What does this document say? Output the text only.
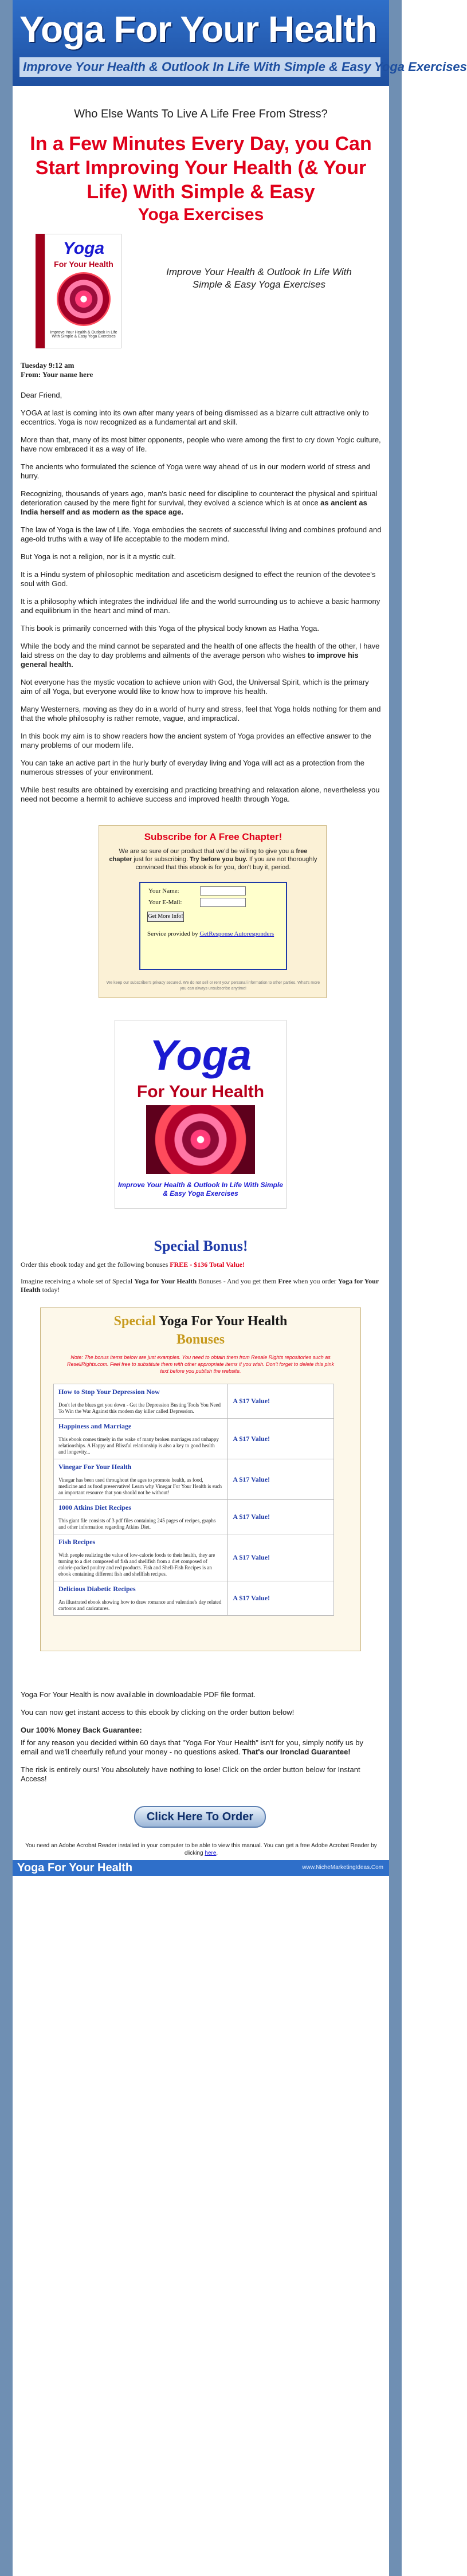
Yoga For Your Health
Improve Your Health & Outlook In Life With Simple & Easy Yoga Exercises
Who Else Wants To Live A Life Free From Stress?
In a Few Minutes Every Day, you Can Start Improving Your Health (& Your Life) With Simple & Easy
Yoga Exercises
Yoga
For Your Health
Improve Your Health & Outlook In Life With Simple & Easy Yoga Exercises
Improve Your Health & Outlook In Life With Simple & Easy Yoga Exercises
Tuesday 9:12 am
From: Your name here

Dear Friend,

YOGA at last is coming into its own after many years of being dismissed as a bizarre cult attractive only to eccentrics. Yoga is now recognized as a fundamental art and skill.

More than that, many of its most bitter opponents, people who were among the first to cry down Yogic culture, have now embraced it as a way of life.

The ancients who formulated the science of Yoga were way ahead of us in our modern world of stress and hurry.

Recognizing, thousands of years ago, man's basic need for discipline to counteract the physical and spiritual deterioration caused by the mere fight for survival, they evolved a science which is at once as ancient as India herself and as modern as the space age.

The law of Yoga is the law of Life. Yoga embodies the secrets of successful living and combines profound and age-old truths with a way of life acceptable to the modern mind.

But Yoga is not a religion, nor is it a mystic cult.

It is a Hindu system of philosophic meditation and asceticism designed to effect the reunion of the devotee's soul with God.

It is a philosophy which integrates the individual life and the world surrounding us to achieve a basic harmony and equilibrium in the heart and mind of man.

This book is primarily concerned with this Yoga of the physical body known as Hatha Yoga.

While the body and the mind cannot be separated and the health of one affects the health of the other, I have laid stress on the day to day problems and ailments of the average person who wishes to improve his general health.

Not everyone has the mystic vocation to achieve union with God, the Universal Spirit, which is the primary aim of all Yoga, but everyone would like to know how to improve his health.

Many Westerners, moving as they do in a world of hurry and stress, feel that Yoga holds nothing for them and that the whole philosophy is rather remote, vague, and impractical.

In this book my aim is to show readers how the ancient system of Yoga provides an effective answer to the many problems of our modern life.

You can take an active part in the hurly burly of everyday living and Yoga will act as a protection from the numerous stresses of your environment.

While best results are obtained by exercising and practicing breathing and relaxation alone, nevertheless you need not become a hermit to achieve success and improved health through Yoga.

Subscribe for A Free Chapter!
We are so sure of our product that we'd be willing to give you a free chapter just for subscribing. Try before you buy. If you are not thoroughly convinced that this ebook is for you, don't buy it, period.
Your Name:
Your E-Mail:
Get More Info!
Service provided by GetResponse Autoresponders
We keep our subscriber's privacy secured. We do not sell or rent your personal information to other parties. What's more you can always unsubscribe anytime!
Yoga
For Your Health
Improve Your Health & Outlook In Life With Simple & Easy Yoga Exercises
Special Bonus!
Order this ebook today and get the following bonuses FREE - $136 Total Value!
Imagine receiving a whole set of Special Yoga for Your Health Bonuses - And you get them Free when you order Yoga for Your Health today!
Special Yoga For Your Health
Bonuses
Note: The bonus items below are just examples. You need to obtain them from Resale Rights repositories such as ResellRights.com. Feel free to substitute them with other appropriate items if you wish. Don't forget to delete this pink text before you publish the website.
How to Stop Your Depression Now
Don't let the blues get you down - Get the Depression Busting Tools You Need To Win the War Against this modern day killer called Depression.	A $17 Value!

Happiness and Marriage
This ebook comes timely in the wake of many broken marriages and unhappy relationships. A Happy and Blissful relationship is also a key to good health and longevity...	A $17 Value!

Vinegar For Your Health
Vinegar has been used throughout the ages to promote health, as food, medicine and as food preservative! Learn why Vinegar For Your Health is such an important resource that you should not be without!	A $17 Value!

1000 Atkins Diet Recipes
This giant file consists of 3 pdf files containing 245 pages of recipes, graphs and other information regarding Atkins Diet.	A $17 Value!

Fish Recipes
With people realizing the value of low-calorie foods to their health, they are turning to a diet composed of fish and shellfish from a diet composed of calorie-packed poultry and red products. Fish and Shell-Fish Recipes is an ebook containing different fish and shellfish recipes.	A $17 Value!

Delicious Diabetic Recipes
An illustrated ebook showing how to draw romance and valentine's day related cartoons and caricatures.	A $17 Value!

Yoga For Your Health is now available in downloadable PDF file format.

You can now get instant access to this ebook by clicking on the order button below!

Our 100% Money Back Guarantee:

If for any reason you decided within 60 days that "Yoga For Your Health" isn't for you, simply notify us by email and we'll cheerfully refund your money - no questions asked. That's our Ironclad Guarantee!

The risk is entirely ours! You absolutely have nothing to lose! Click on the order button below for Instant Access!

Click Here To Order
You need an Adobe Acrobat Reader installed in your computer to be able to view this manual. You can get a free Adobe Acrobat Reader by clicking here.
Yoga For Your Health	www.NicheMarketingIdeas.Com
